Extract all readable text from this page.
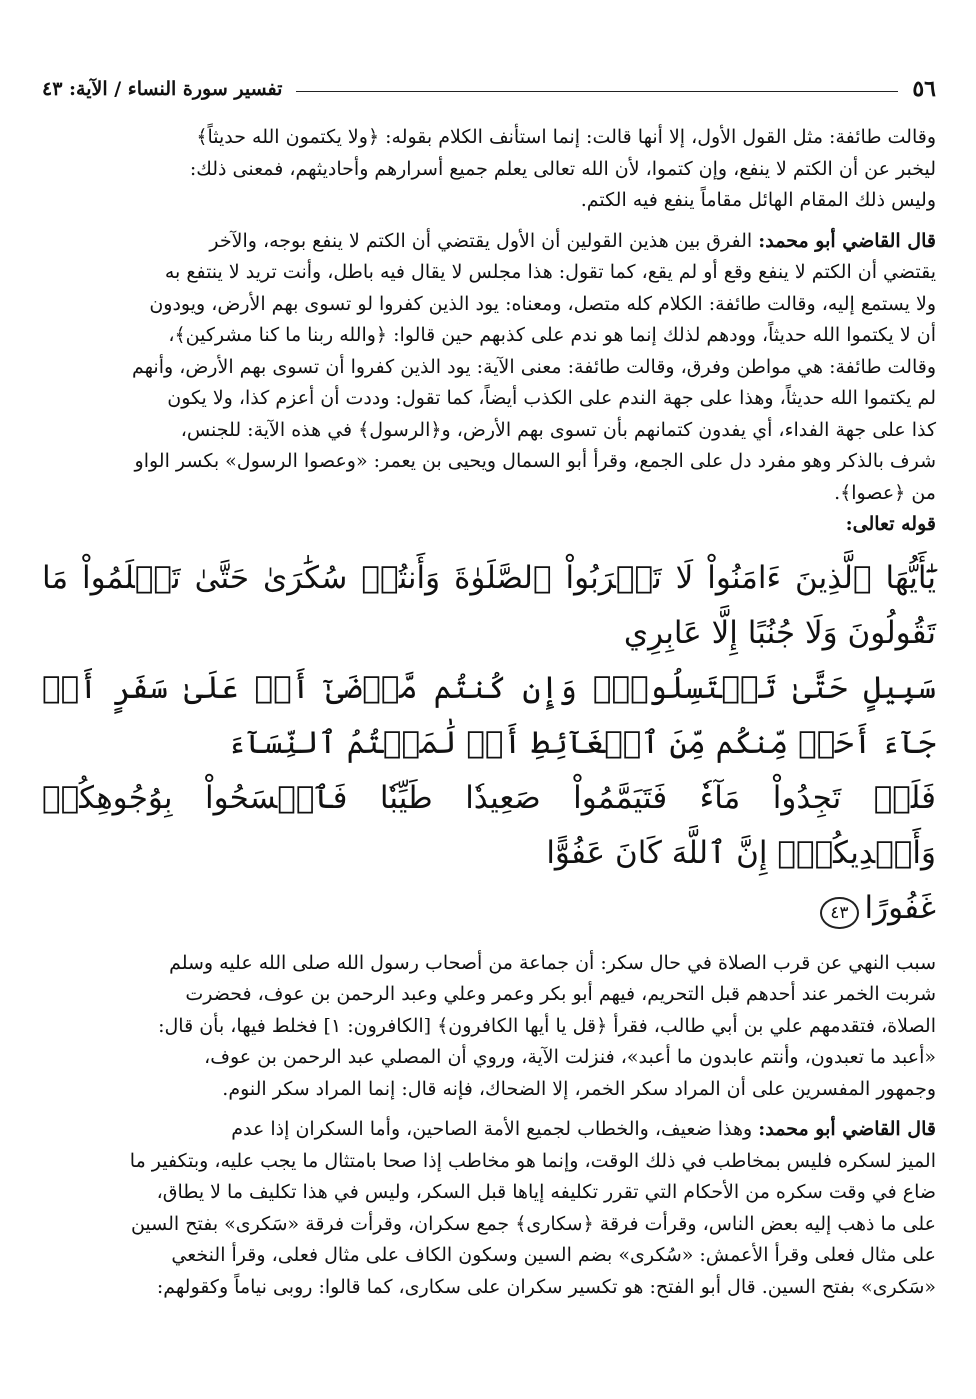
٥٦
تفسير سورة النساء / الآية: ٤٣

وقالت طائفة: مثل القول الأول، إلا أنها قالت: إنما استأنف الكلام بقوله: ﴿ولا يكتمون الله حديثاً﴾

ليخبر عن أن الكتم لا ينفع، وإن كتموا، لأن الله تعالى يعلم جميع أسرارهم وأحاديثهم، فمعنى ذلك:

وليس ذلك المقام الهائل مقاماً ينفع فيه الكتم.

قال القاضي أبو محمد: الفرق بين هذين القولين أن الأول يقتضي أن الكتم لا ينفع بوجه، والآخر

يقتضي أن الكتم لا ينفع وقع أو لم يقع، كما تقول: هذا مجلس لا يقال فيه باطل، وأنت تريد لا ينتفع به

ولا يستمع إليه، وقالت طائفة: الكلام كله متصل، ومعناه: يود الذين كفروا لو تسوى بهم الأرض، ويودون

أن لا يكتموا الله حديثاً، وودهم لذلك إنما هو ندم على كذبهم حين قالوا: ﴿والله ربنا ما كنا مشركين﴾،

وقالت طائفة: هي مواطن وفرق، وقالت طائفة: معنى الآية: يود الذين كفروا أن تسوى بهم الأرض، وأنهم

لم يكتموا الله حديثاً، وهذا على جهة الندم على الكذب أيضاً، كما تقول: وددت أن أعزم كذا، ولا يكون

كذا على جهة الفداء، أي يفدون كتمانهم بأن تسوى بهم الأرض، و﴿الرسول﴾ في هذه الآية: للجنس،

شرف بالذكر وهو مفرد دل على الجمع، وقرأ أبو السمال ويحيى بن يعمر: «وعصوا الرسول» بكسر الواو

من ﴿عصوا﴾.

قوله تعالى:

يَٰٓأَيُّهَا ٱلَّذِينَ ءَامَنُواْ لَا تَقۡرَبُواْ ٱلصَّلَوٰةَ وَأَنتُمۡ سُكَٰرَىٰ حَتَّىٰ تَعۡلَمُواْ مَا تَقُولُونَ وَلَا جُنُبًا إِلَّا عَابِرِي
سَبِيلٍ حَتَّىٰ تَغۡتَسِلُواْۚ وَإِن كُنتُم مَّرۡضَىٰٓ أَوۡ عَلَىٰ سَفَرٍ أَوۡ جَآءَ أَحَدٞ مِّنكُم مِّنَ ٱلۡغَآئِطِ أَوۡ لَٰمَسۡتُمُ ٱلنِّسَآءَ
فَلَمۡ تَجِدُواْ مَآءٗ فَتَيَمَّمُواْ صَعِيدٗا طَيِّبٗا فَٱمۡسَحُواْ بِوُجُوهِكُمۡ وَأَيۡدِيكُمۡۗ إِنَّ ٱللَّهَ كَانَ عَفُوًّا
غَفُورًا٤٣

سبب النهي عن قرب الصلاة في حال سكر: أن جماعة من أصحاب رسول الله صلى الله عليه وسلم

شربت الخمر عند أحدهم قبل التحريم، فيهم أبو بكر وعمر وعلي وعبد الرحمن بن عوف، فحضرت

الصلاة، فتقدمهم علي بن أبي طالب، فقرأ ﴿قل يا أيها الكافرون﴾ [الكافرون: ١] فخلط فيها، بأن قال:

«أعبد ما تعبدون، وأنتم عابدون ما أعبد»، فنزلت الآية، وروي أن المصلي عبد الرحمن بن عوف،

وجمهور المفسرين على أن المراد سكر الخمر، إلا الضحاك، فإنه قال: إنما المراد سكر النوم.

قال القاضي أبو محمد: وهذا ضعيف، والخطاب لجميع الأمة الصاحين، وأما السكران إذا عدم

الميز لسكره فليس بمخاطب في ذلك الوقت، وإنما هو مخاطب إذا صحا بامتثال ما يجب عليه، وبتكفير ما

ضاع في وقت سكره من الأحكام التي تقرر تكليفه إياها قبل السكر، وليس في هذا تكليف ما لا يطاق،

على ما ذهب إليه بعض الناس، وقرأت فرقة ﴿سكارى﴾ جمع سكران، وقرأت فرقة «سَكرى» بفتح السين

على مثال فعلى وقرأ الأعمش: «سُكرى» بضم السين وسكون الكاف على مثال فعلى، وقرأ النخعي

«سَكرى» بفتح السين. قال أبو الفتح: هو تكسير سكران على سكارى، كما قالوا: روبى نياماً وكقولهم:
